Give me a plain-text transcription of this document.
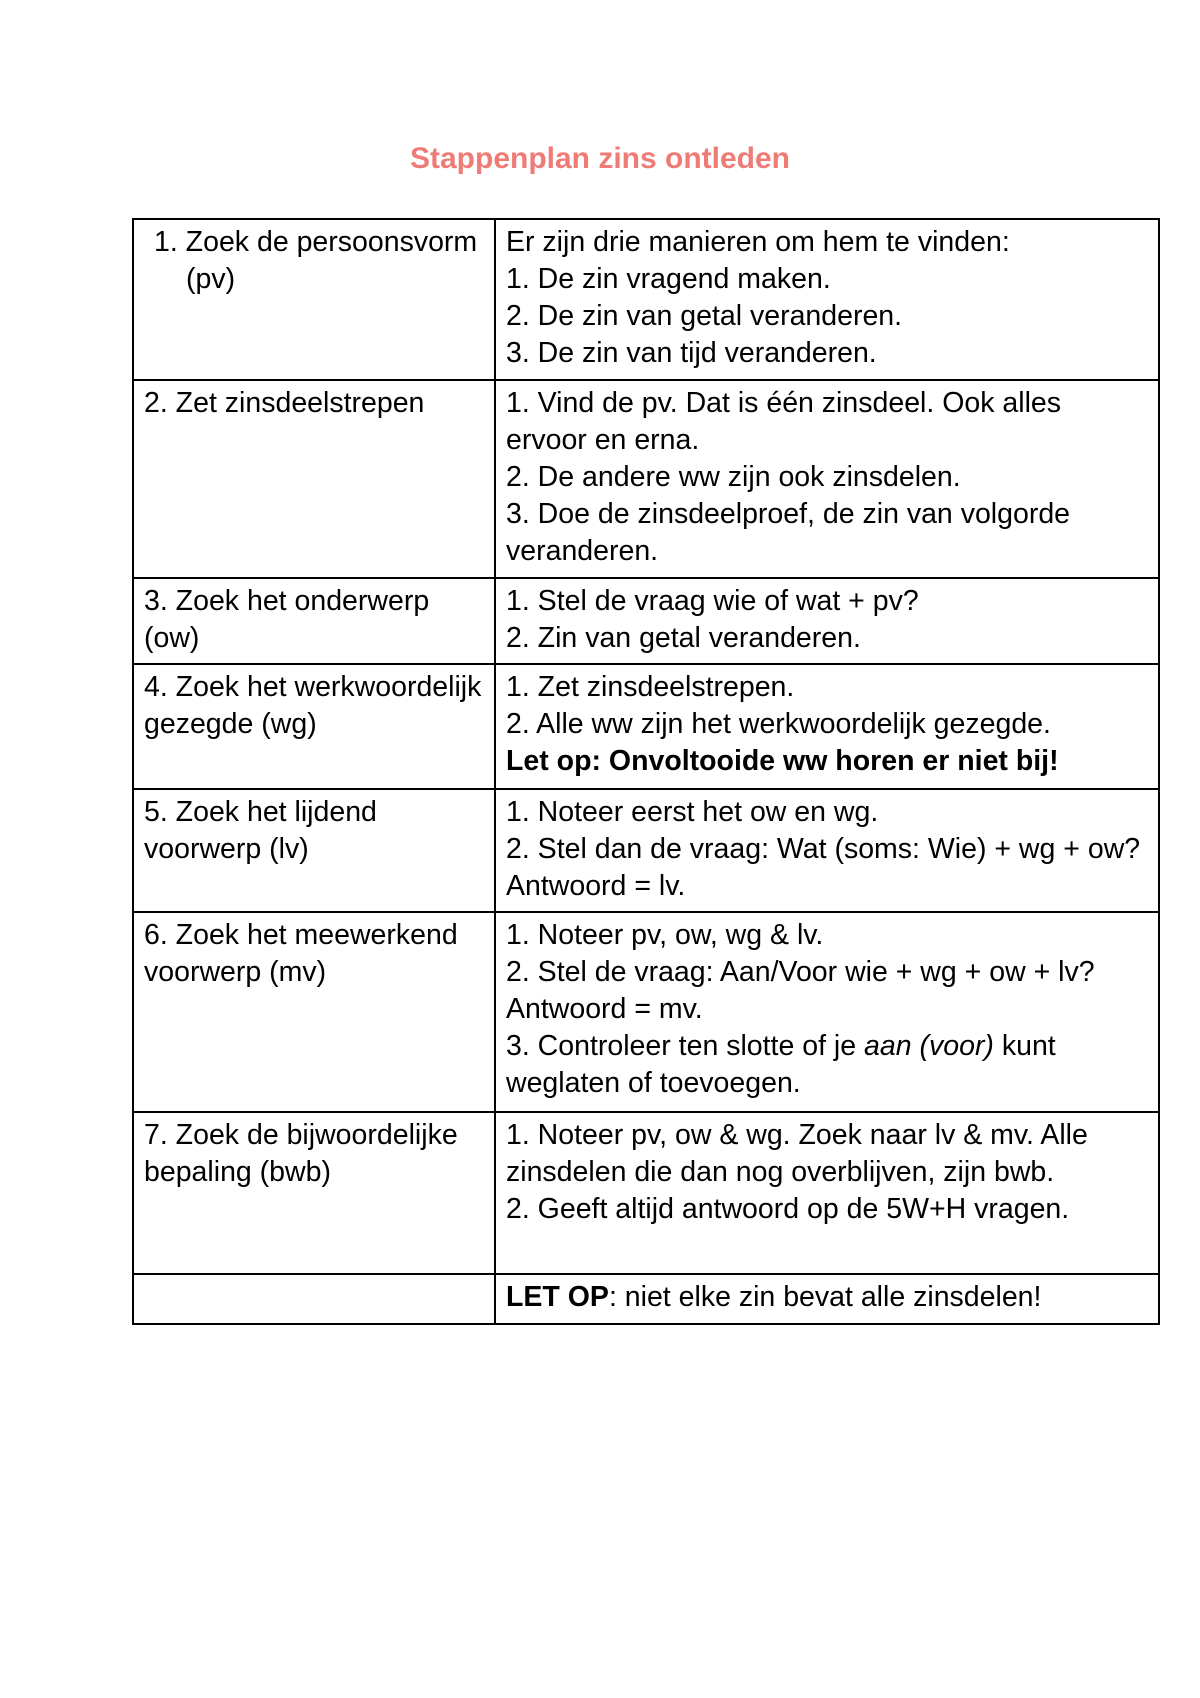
Stappenplan zins ontleden
1. Zoek de persoonsvorm (pv)	Er zijn drie manieren om hem te vinden:
1. De zin vragend maken.
2. De zin van getal veranderen.
3. De zin van tijd veranderen.

2. Zet zinsdeelstrepen	1. Vind de pv. Dat is één zinsdeel. Ook alles ervoor en erna.
2. De andere ww zijn ook zinsdelen.
3. Doe de zinsdeelproef, de zin van volgorde veranderen.

3. Zoek het onderwerp (ow)	1. Stel de vraag wie of wat + pv?
2. Zin van getal veranderen.

4. Zoek het werkwoordelijk gezegde (wg)	1. Zet zinsdeelstrepen.
2. Alle ww zijn het werkwoordelijk gezegde.
Let op: Onvoltooide ww horen er niet bij!

5. Zoek het lijdend voorwerp (lv)	1. Noteer eerst het ow en wg.
2. Stel dan de vraag: Wat (soms: Wie) + wg + ow? Antwoord = lv.

6. Zoek het meewerkend voorwerp (mv)	1. Noteer pv, ow, wg & lv.
2. Stel de vraag: Aan/Voor wie + wg + ow + lv? Antwoord = mv.
3. Controleer ten slotte of je aan (voor) kunt weglaten of toevoegen.

7. Zoek de bijwoordelijke bepaling (bwb)	1. Noteer pv, ow & wg. Zoek naar lv & mv. Alle zinsdelen die dan nog overblijven, zijn bwb.
2. Geeft altijd antwoord op de 5W+H vragen.

	LET OP: niet elke zin bevat alle zinsdelen!
